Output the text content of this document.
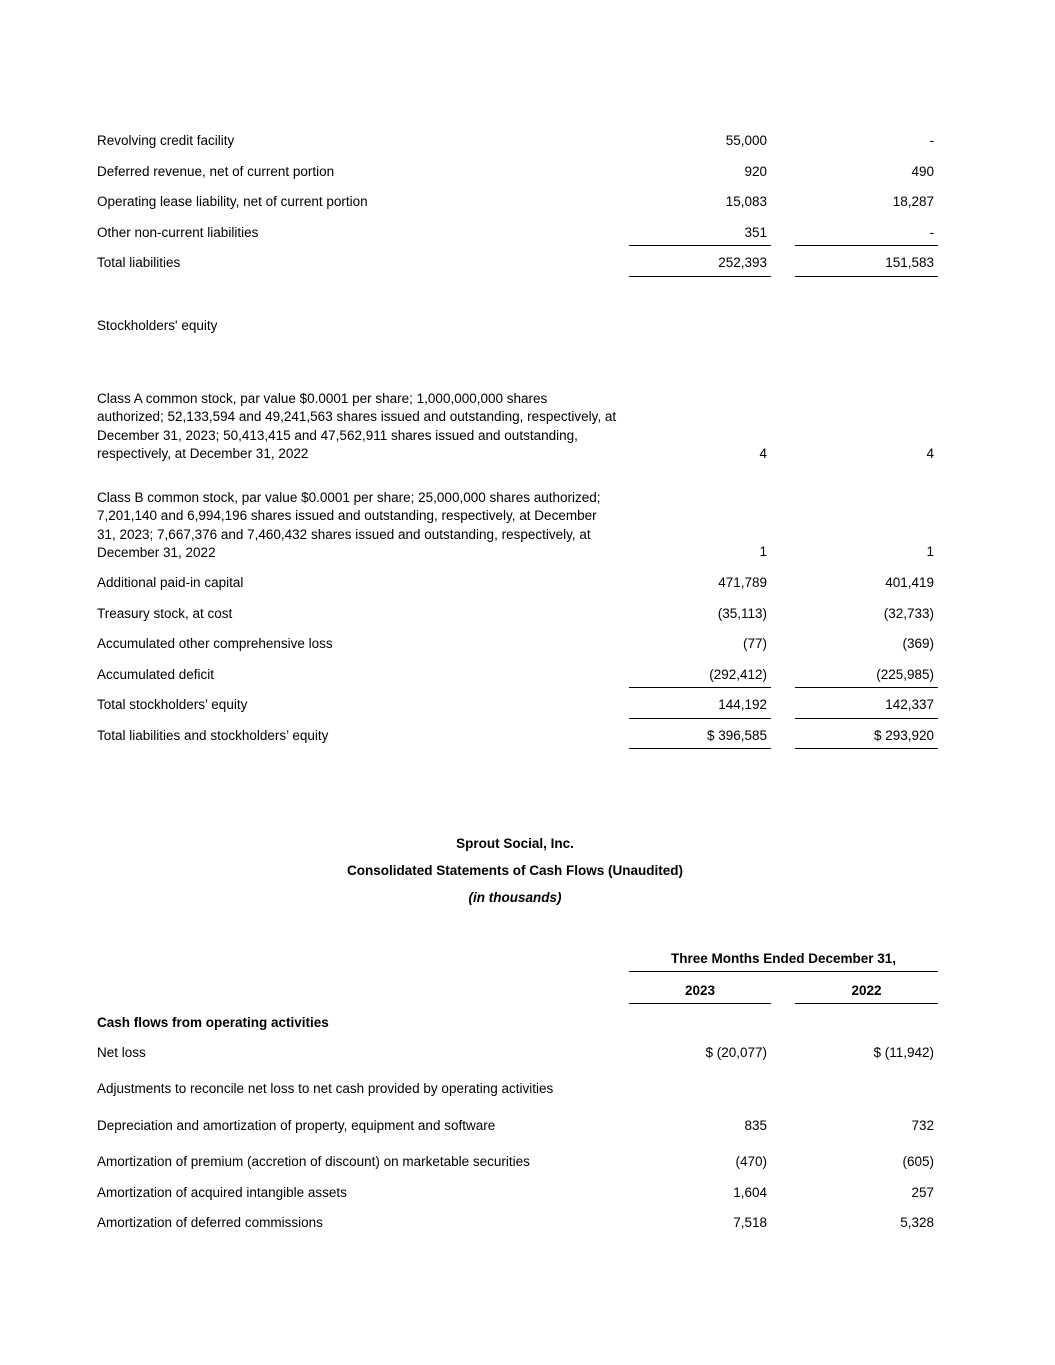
Revolving credit facility	55,000	-
Deferred revenue, net of current portion	920	490
Operating lease liability, net of current portion	15,083	18,287
Other non-current liabilities	351	-
Total liabilities	252,393	151,583
Stockholders' equity
Class A common stock, par value $0.0001 per share; 1,000,000,000 shares authorized; 52,133,594 and 49,241,563 shares issued and outstanding, respectively, at December 31, 2023; 50,413,415 and 47,562,911 shares issued and outstanding, respectively, at December 31, 2022	4	4
Class B common stock, par value $0.0001 per share; 25,000,000 shares authorized; 7,201,140 and 6,994,196 shares issued and outstanding, respectively, at December 31, 2023; 7,667,376 and 7,460,432 shares issued and outstanding, respectively, at December 31, 2022	1	1
Additional paid-in capital	471,789	401,419
Treasury stock, at cost	(35,113)	(32,733)
Accumulated other comprehensive loss	(77)	(369)
Accumulated deficit	(292,412)	(225,985)
Total stockholders’ equity	144,192	142,337
Total liabilities and stockholders’ equity	$ 396,585	$ 293,920
Sprout Social, Inc.
Consolidated Statements of Cash Flows (Unaudited)
(in thousands)
Three Months Ended December 31,
2023	2022
Cash flows from operating activities
Net loss	$ (20,077)	$ (11,942)
Adjustments to reconcile net loss to net cash provided by operating activities
Depreciation and amortization of property, equipment and software	835	732
Amortization of premium (accretion of discount) on marketable securities	(470)	(605)
Amortization of acquired intangible assets	1,604	257
Amortization of deferred commissions	7,518	5,328
